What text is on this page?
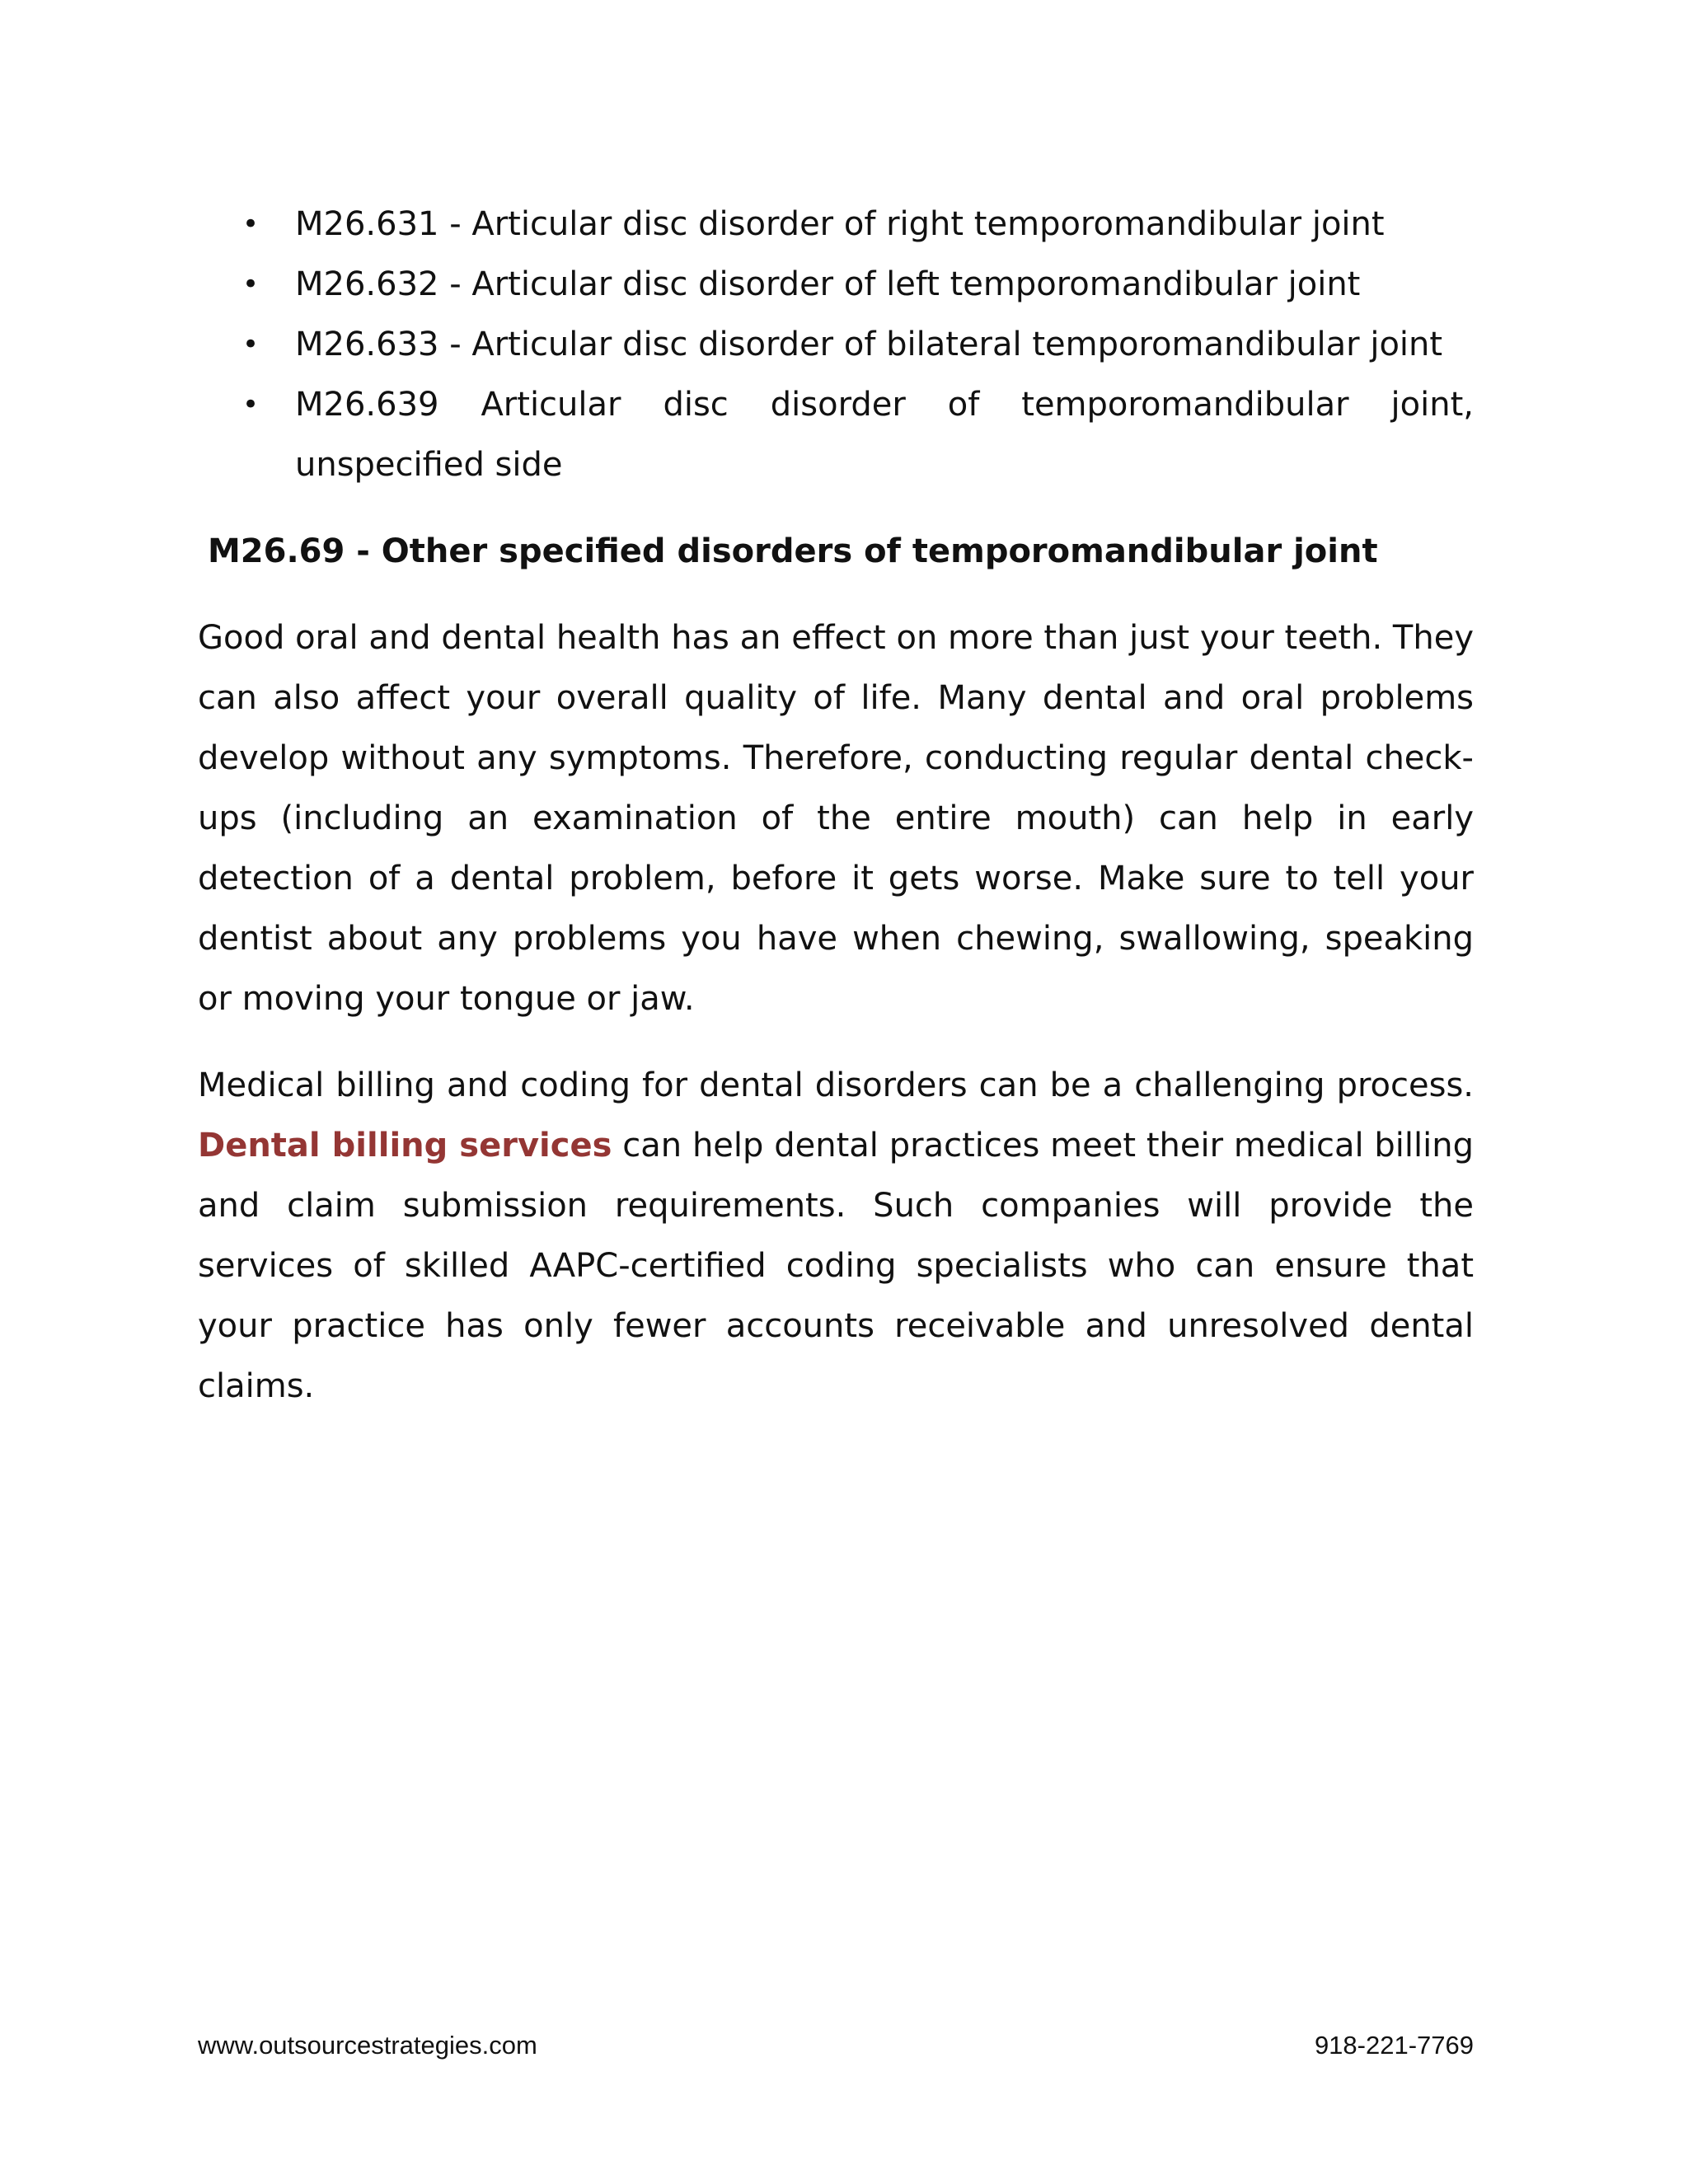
• M26.631 - Articular disc disorder of right temporomandibular joint
• M26.632 - Articular disc disorder of left temporomandibular joint
• M26.633 - Articular disc disorder of bilateral temporomandibular joint
• M26.639 Articular disc disorder of temporomandibular joint, unspecified side
M26.69 - Other specified disorders of temporomandibular joint

Good oral and dental health has an effect on more than just your teeth. They can also affect your overall quality of life. Many dental and oral problems develop without any symptoms. Therefore, conducting regular dental check-ups (including an examination of the entire mouth) can help in early detection of a dental problem, before it gets worse. Make sure to tell your dentist about any problems you have when chewing, swallowing, speaking or moving your tongue or jaw.

Medical billing and coding for dental disorders can be a challenging process. Dental billing services can help dental practices meet their medical billing and claim submission requirements. Such companies will provide the services of skilled AAPC-certified coding specialists who can ensure that your practice has only fewer accounts receivable and unresolved dental claims.

www.outsourcestrategies.com	918-221-7769
